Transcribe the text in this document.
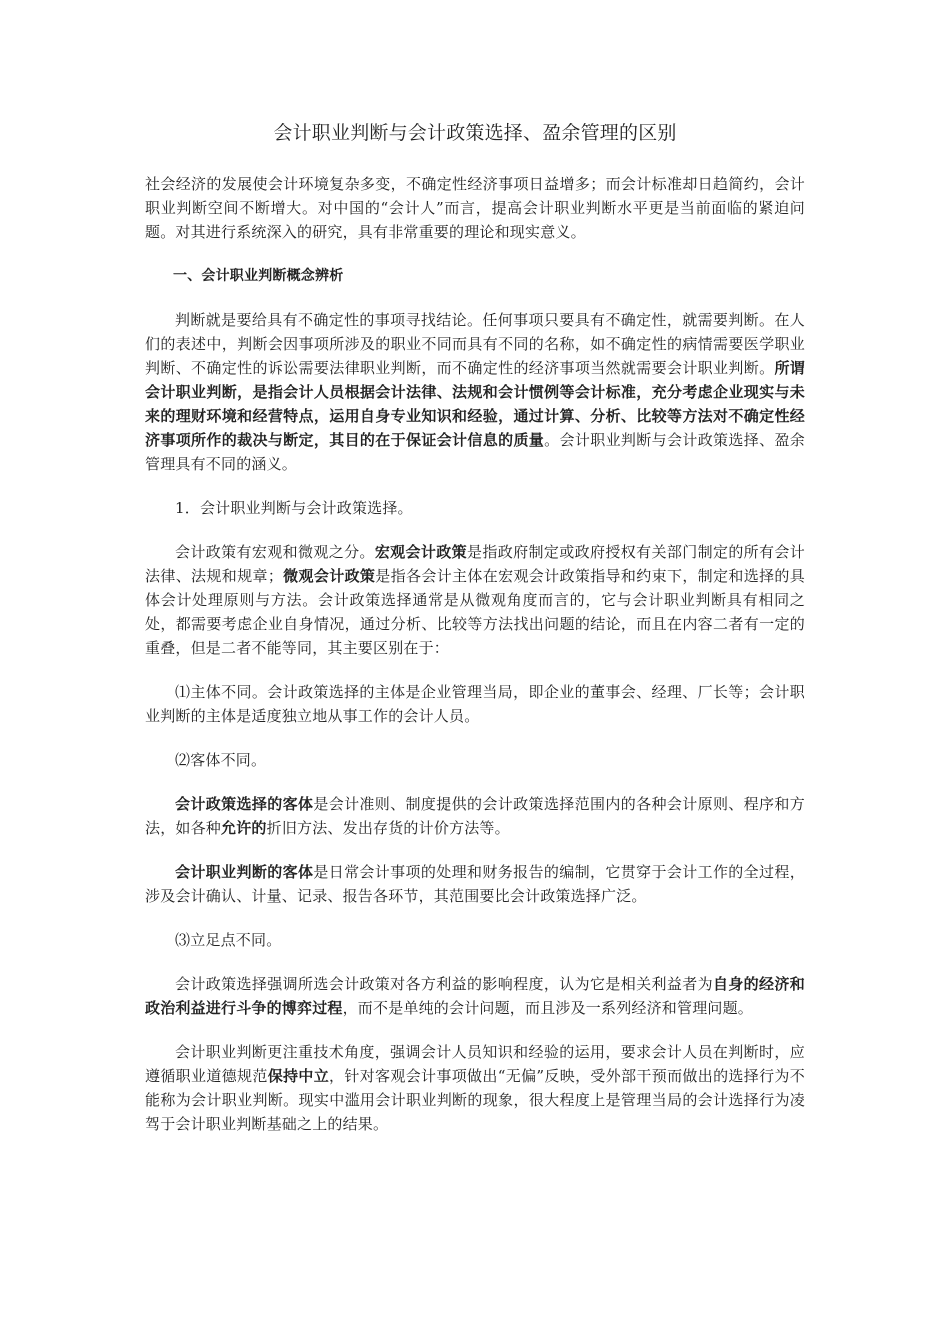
会计职业判断与会计政策选择、盈余管理的区别

社会经济的发展使会计环境复杂多变，不确定性经济事项日益增多；而会计标准却日趋简约，会计职业判断空间不断增大。对中国的“会计人”而言，提高会计职业判断水平更是当前面临的紧迫问题。对其进行系统深入的研究，具有非常重要的理论和现实意义。

一、会计职业判断概念辨析

判断就是要给具有不确定性的事项寻找结论。任何事项只要具有不确定性，就需要判断。在人们的表述中，判断会因事项所涉及的职业不同而具有不同的名称，如不确定性的病情需要医学职业判断、不确定性的诉讼需要法律职业判断，而不确定性的经济事项当然就需要会计职业判断。所谓会计职业判断，是指会计人员根据会计法律、法规和会计惯例等会计标准，充分考虑企业现实与未来的理财环境和经营特点，运用自身专业知识和经验，通过计算、分析、比较等方法对不确定性经济事项所作的裁决与断定，其目的在于保证会计信息的质量。会计职业判断与会计政策选择、盈余管理具有不同的涵义。

1．会计职业判断与会计政策选择。

会计政策有宏观和微观之分。宏观会计政策是指政府制定或政府授权有关部门制定的所有会计法律、法规和规章；微观会计政策是指各会计主体在宏观会计政策指导和约束下，制定和选择的具体会计处理原则与方法。会计政策选择通常是从微观角度而言的，它与会计职业判断具有相同之处，都需要考虑企业自身情况，通过分析、比较等方法找出问题的结论，而且在内容二者有一定的重叠，但是二者不能等同，其主要区别在于：

⑴主体不同。会计政策选择的主体是企业管理当局，即企业的董事会、经理、厂长等；会计职业判断的主体是适度独立地从事工作的会计人员。

⑵客体不同。

会计政策选择的客体是会计准则、制度提供的会计政策选择范围内的各种会计原则、程序和方法，如各种允许的折旧方法、发出存货的计价方法等。

会计职业判断的客体是日常会计事项的处理和财务报告的编制，它贯穿于会计工作的全过程，涉及会计确认、计量、记录、报告各环节，其范围要比会计政策选择广泛。

⑶立足点不同。

会计政策选择强调所选会计政策对各方利益的影响程度，认为它是相关利益者为自身的经济和政治利益进行斗争的博弈过程，而不是单纯的会计问题，而且涉及一系列经济和管理问题。

会计职业判断更注重技术角度，强调会计人员知识和经验的运用，要求会计人员在判断时，应遵循职业道德规范保持中立，针对客观会计事项做出“无偏”反映，受外部干预而做出的选择行为不能称为会计职业判断。现实中滥用会计职业判断的现象，很大程度上是管理当局的会计选择行为凌驾于会计职业判断基础之上的结果。
